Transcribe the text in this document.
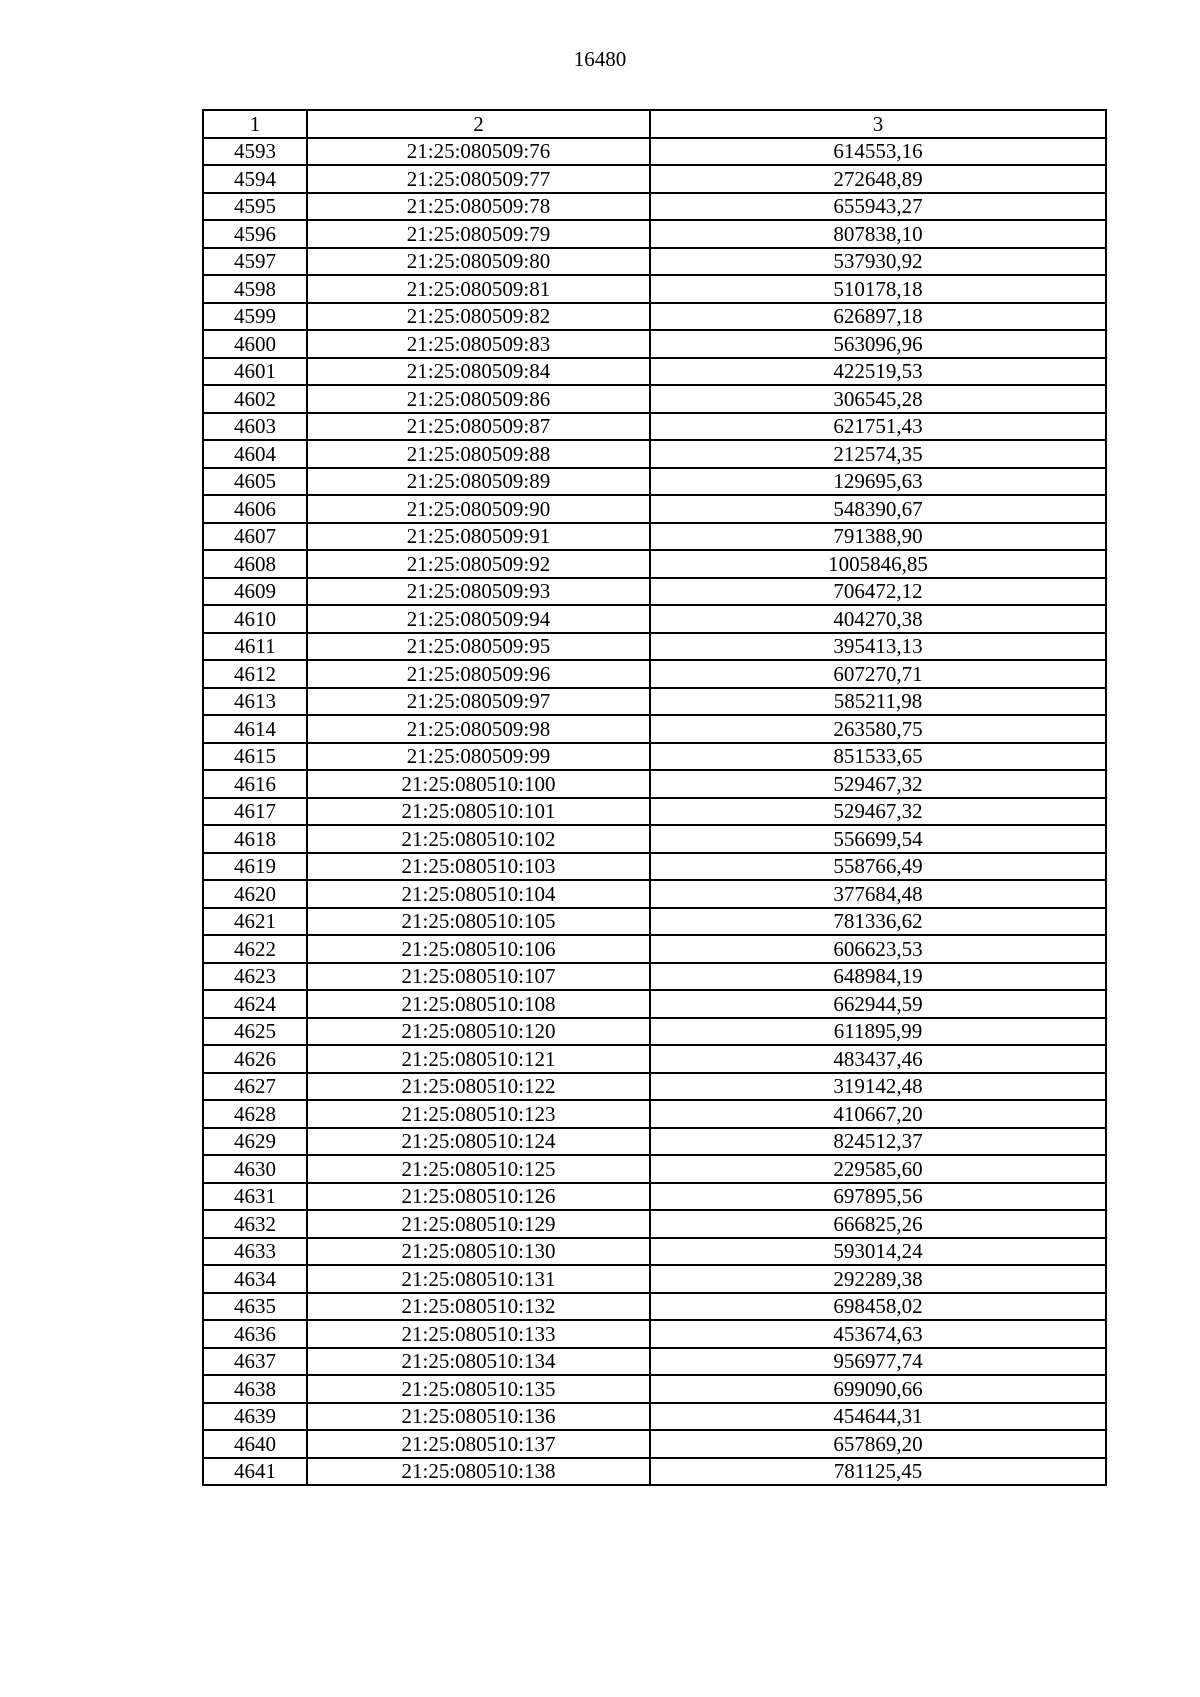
16480
1	2	3
4593	21:25:080509:76	614553,16
4594	21:25:080509:77	272648,89
4595	21:25:080509:78	655943,27
4596	21:25:080509:79	807838,10
4597	21:25:080509:80	537930,92
4598	21:25:080509:81	510178,18
4599	21:25:080509:82	626897,18
4600	21:25:080509:83	563096,96
4601	21:25:080509:84	422519,53
4602	21:25:080509:86	306545,28
4603	21:25:080509:87	621751,43
4604	21:25:080509:88	212574,35
4605	21:25:080509:89	129695,63
4606	21:25:080509:90	548390,67
4607	21:25:080509:91	791388,90
4608	21:25:080509:92	1005846,85
4609	21:25:080509:93	706472,12
4610	21:25:080509:94	404270,38
4611	21:25:080509:95	395413,13
4612	21:25:080509:96	607270,71
4613	21:25:080509:97	585211,98
4614	21:25:080509:98	263580,75
4615	21:25:080509:99	851533,65
4616	21:25:080510:100	529467,32
4617	21:25:080510:101	529467,32
4618	21:25:080510:102	556699,54
4619	21:25:080510:103	558766,49
4620	21:25:080510:104	377684,48
4621	21:25:080510:105	781336,62
4622	21:25:080510:106	606623,53
4623	21:25:080510:107	648984,19
4624	21:25:080510:108	662944,59
4625	21:25:080510:120	611895,99
4626	21:25:080510:121	483437,46
4627	21:25:080510:122	319142,48
4628	21:25:080510:123	410667,20
4629	21:25:080510:124	824512,37
4630	21:25:080510:125	229585,60
4631	21:25:080510:126	697895,56
4632	21:25:080510:129	666825,26
4633	21:25:080510:130	593014,24
4634	21:25:080510:131	292289,38
4635	21:25:080510:132	698458,02
4636	21:25:080510:133	453674,63
4637	21:25:080510:134	956977,74
4638	21:25:080510:135	699090,66
4639	21:25:080510:136	454644,31
4640	21:25:080510:137	657869,20
4641	21:25:080510:138	781125,45
